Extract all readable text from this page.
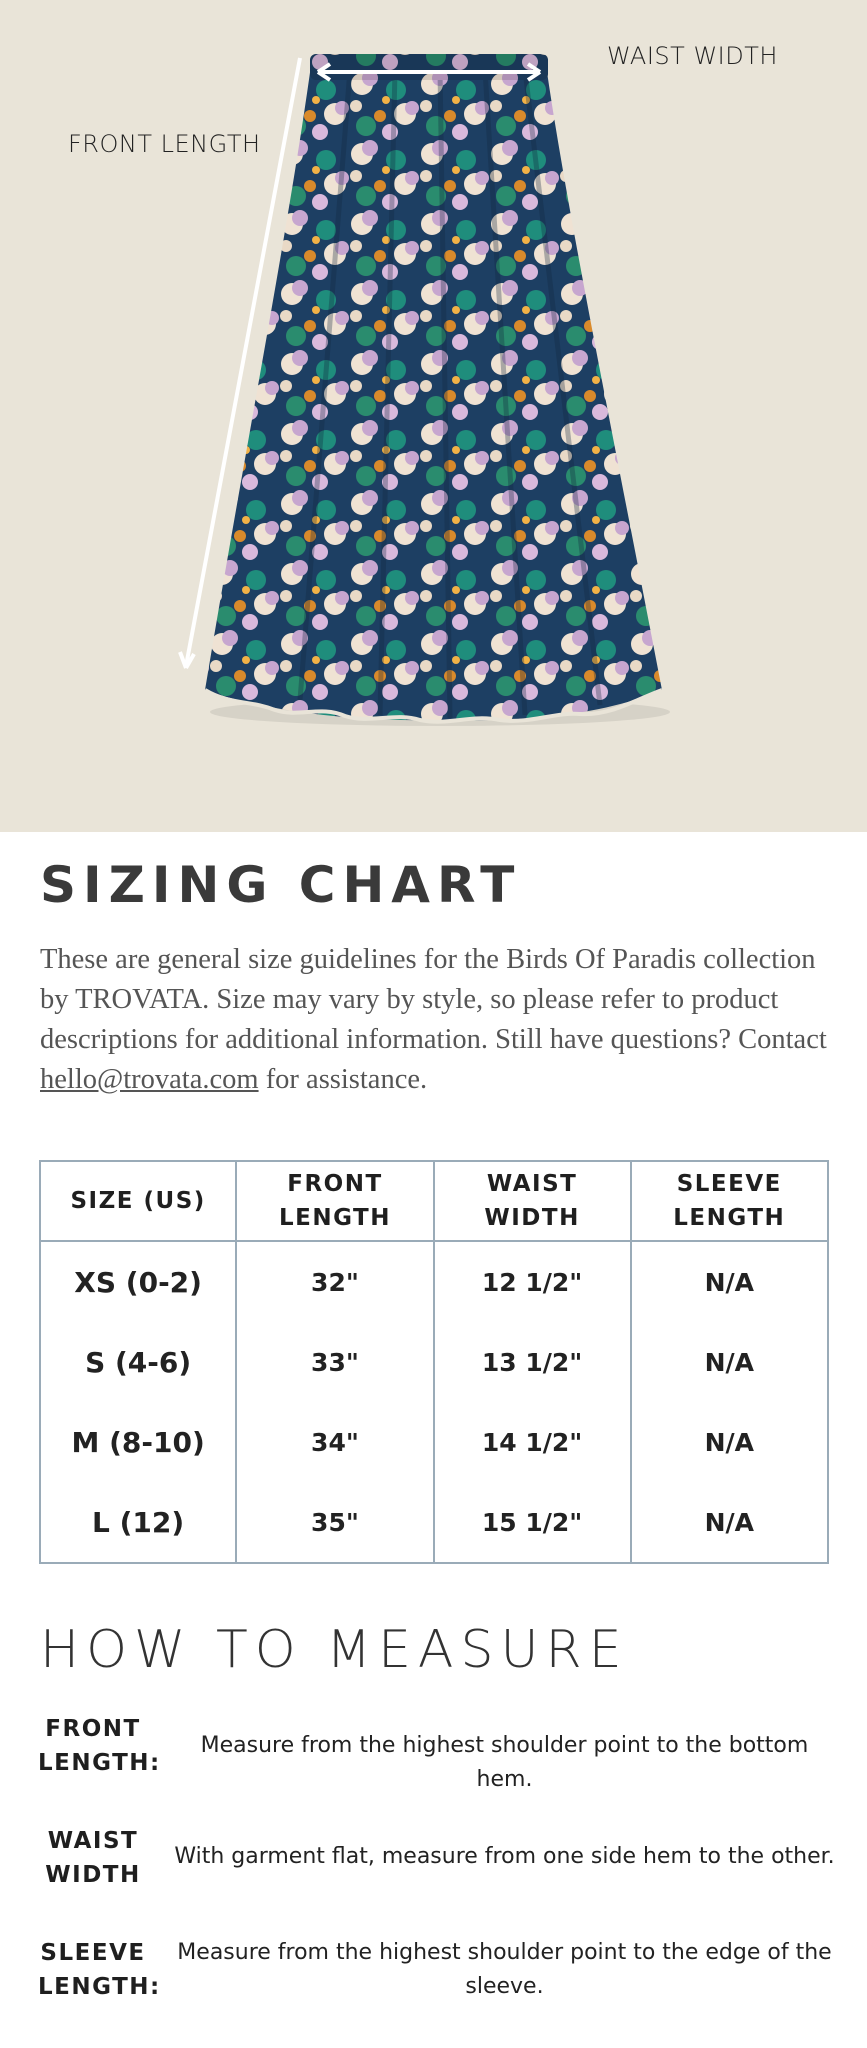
WAIST WIDTH
FRONT LENGTH
SIZING CHART
These are general size guidelines for the Birds Of Paradis collection by TROVATA. Size may vary by style, so please refer to product descriptions for additional information. Still have questions? Contact hello@trovata.com for assistance.
SIZE (US)	FRONT LENGTH	WAIST WIDTH	SLEEVE LENGTH
XS (0-2)	32"	12 1/2"	N/A
S (4-6)	33"	13 1/2"	N/A
M (8-10)	34"	14 1/2"	N/A
L (12)	35"	15 1/2"	N/A
HOW TO MEASURE
FRONT LENGTH:
Measure from the highest shoulder point to the bottom hem.
WAIST WIDTH
With garment flat, measure from one side hem to the other.
SLEEVE LENGTH:
Measure from the highest shoulder point to the edge of the sleeve.
